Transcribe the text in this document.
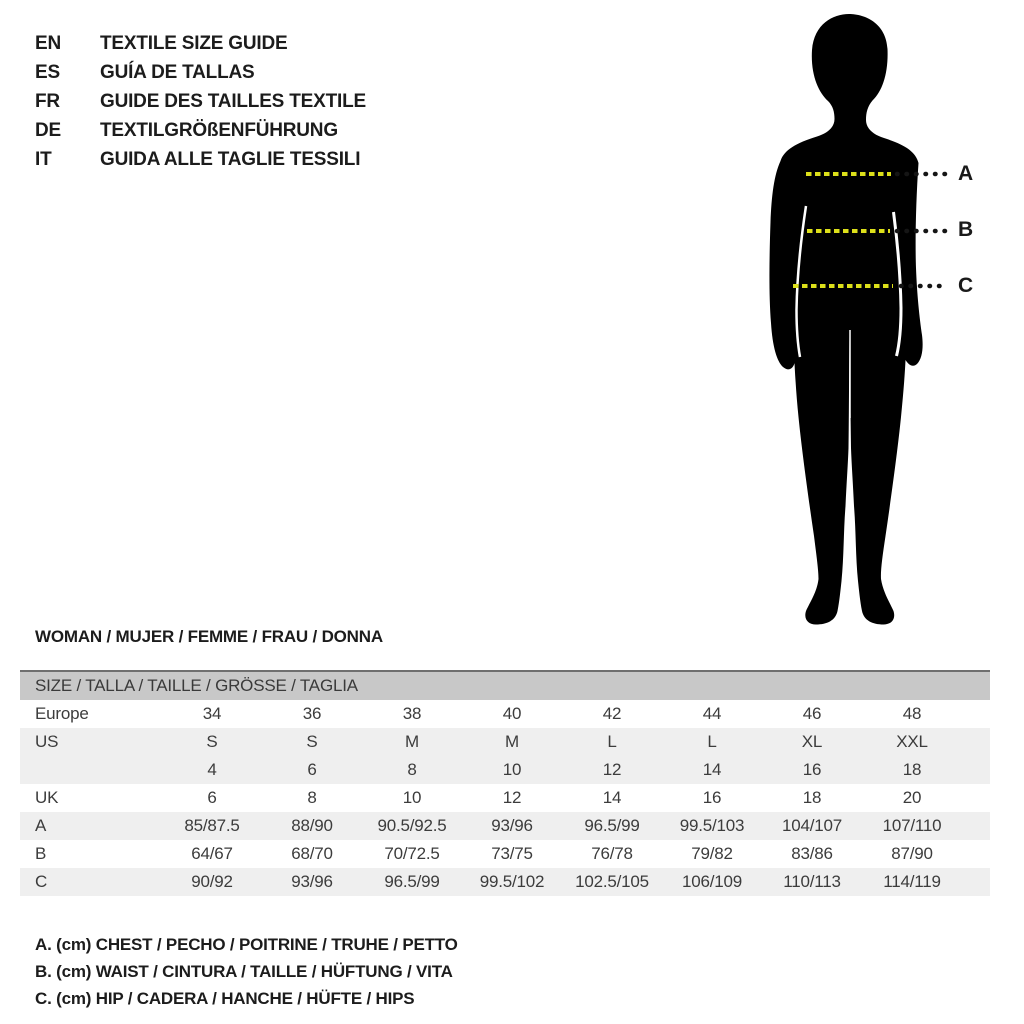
EN	TEXTILE SIZE GUIDE
ES	GUÍA DE TALLAS
FR	GUIDE DES TAILLES TEXTILE
DE	TEXTILGRÖßENFÜHRUNG
IT	GUIDA ALLE TAGLIE TESSILI
A
B
C
WOMAN / MUJER / FEMME / FRAU / DONNA
SIZE / TALLA / TAILLE / GRÖSSE / TAGLIA
Europe	34	36	38	40	42	44	46	48	
US	S	S	M	M	L	L	XL	XXL	
	4	6	8	10	12	14	16	18	
UK	6	8	10	12	14	16	18	20	
A	85/87.5	88/90	90.5/92.5	93/96	96.5/99	99.5/103	104/107	107/110	
B	64/67	68/70	70/72.5	73/75	76/78	79/82	83/86	87/90	
C	90/92	93/96	96.5/99	99.5/102	102.5/105	106/109	110/113	114/119	
A. (cm) CHEST / PECHO / POITRINE / TRUHE / PETTO
B. (cm) WAIST / CINTURA / TAILLE / HÜFTUNG / VITA
C. (cm) HIP / CADERA / HANCHE / HÜFTE / HIPS
